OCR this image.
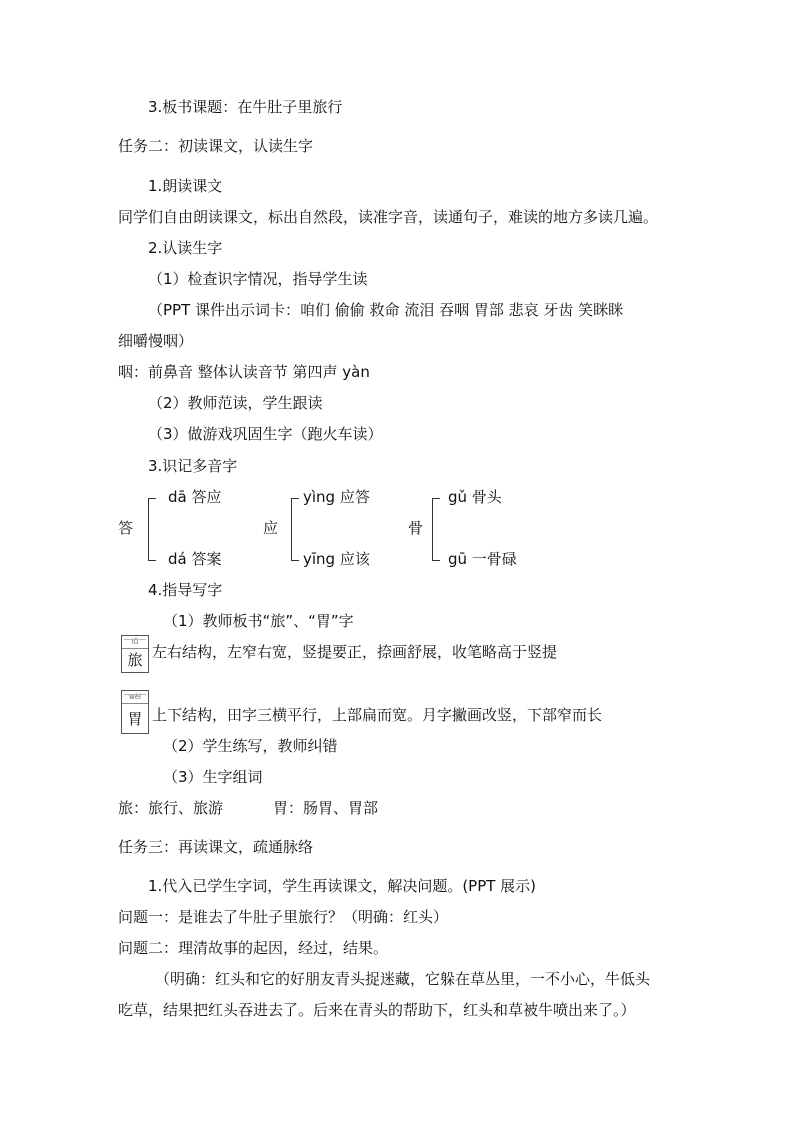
3.板书课题：在牛肚子里旅行
任务二：初读课文，认读生字
1.朗读课文
同学们自由朗读课文，标出自然段，读准字音，读通句子，难读的地方多读几遍。
2.认读生字
（1）检查识字情况，指导学生读
（PPT 课件出示词卡：咱们 偷偷 救命 流泪 吞咽 胃部 悲哀 牙齿 笑眯眯
细嚼慢咽）
咽：前鼻音 整体认读音节 第四声 yàn
（2）教师范读，学生跟读
（3）做游戏巩固生字（跑火车读）
3.识记多音字
答
dā 答应
dá 答案
应
yìng 应答
yīng 应该
骨
gǔ 骨头
gū 一骨碌
4.指导写字
（1）教师板书“旅”、“胃”字
lǚ
旅 左右结构，左窄右宽，竖提要正，捺画舒展，收笔略高于竖提
wèi
胃 上下结构，田字三横平行，上部扁而宽。月字撇画改竖，下部窄而长
（2）学生练写，教师纠错
（3）生字组词
旅：旅行、旅游	胃：肠胃、胃部
任务三：再读课文，疏通脉络
1.代入已学生字词，学生再读课文，解决问题。(PPT 展示)
问题一：是谁去了牛肚子里旅行？（明确：红头）
问题二：理清故事的起因，经过，结果。
（明确：红头和它的好朋友青头捉迷藏，它躲在草丛里，一不小心，牛低头
吃草，结果把红头吞进去了。后来在青头的帮助下，红头和草被牛喷出来了。）
